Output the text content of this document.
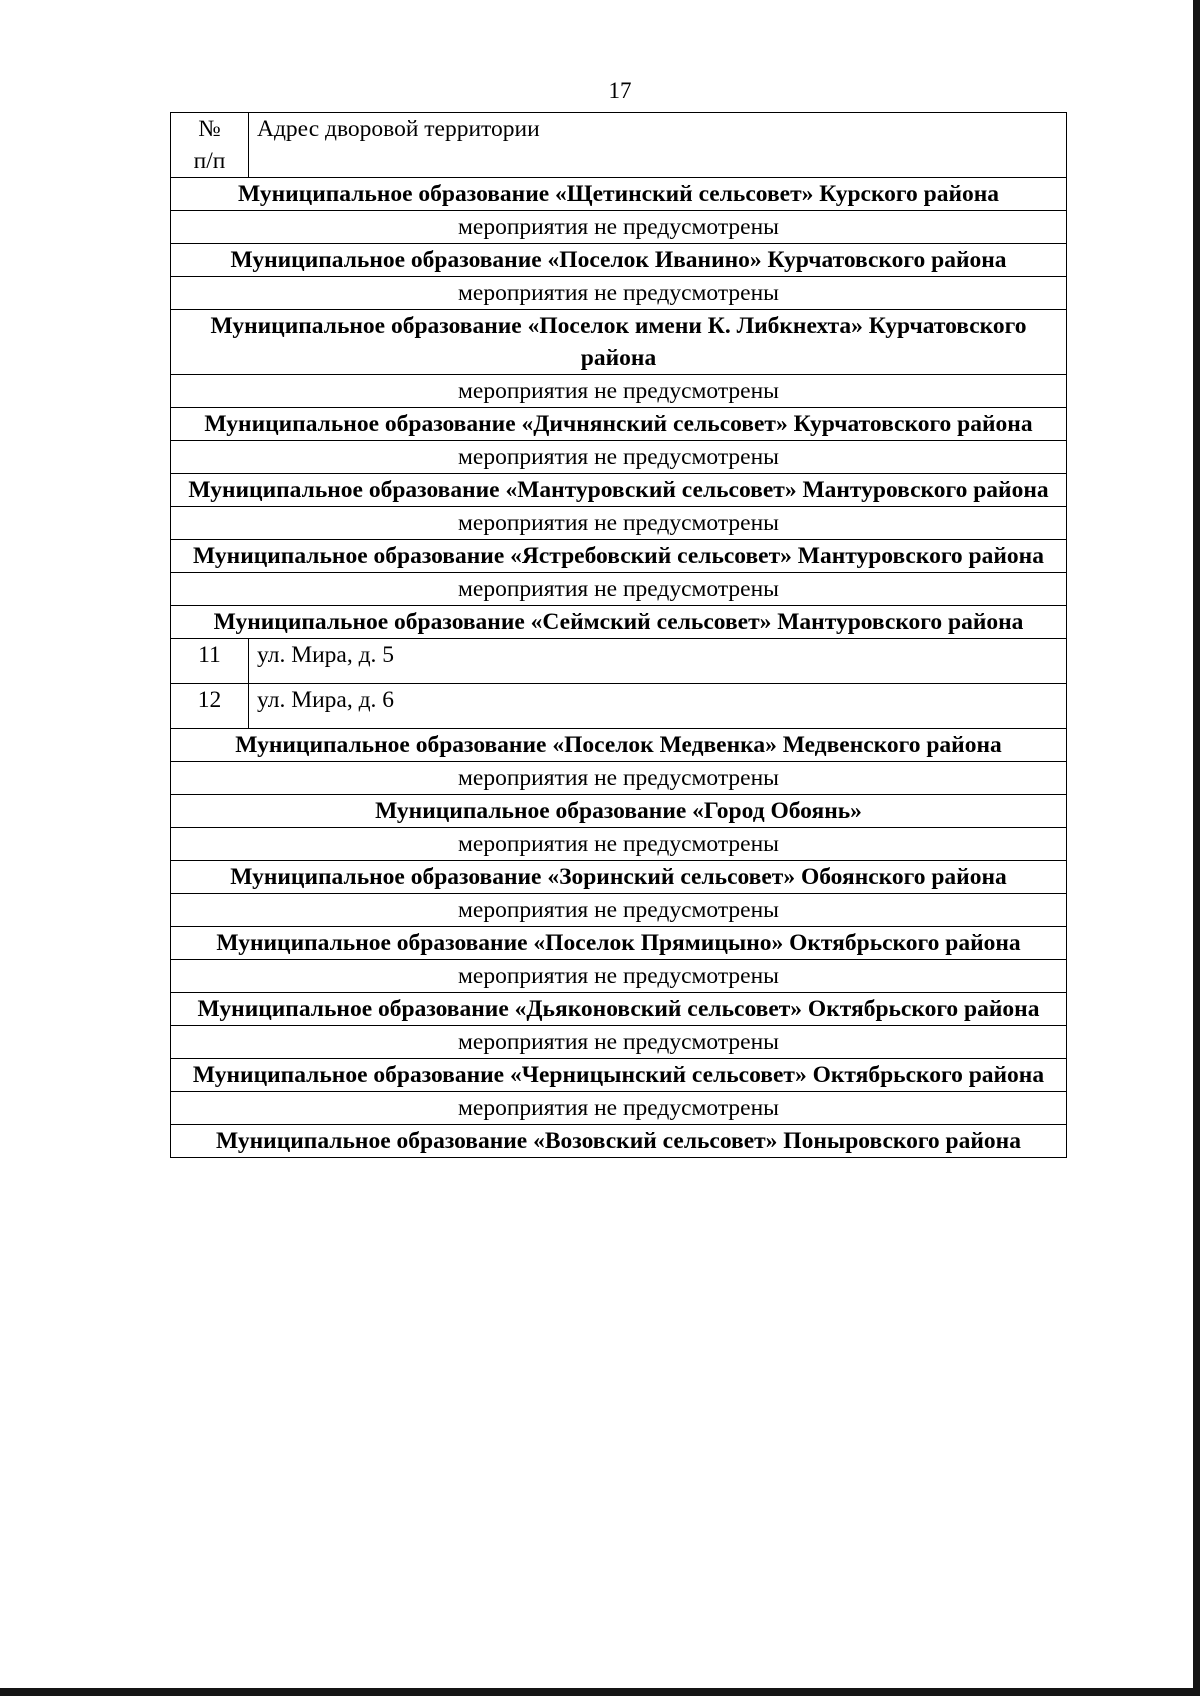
17
№
п/п	Адрес дворовой территории
Муниципальное образование «Щетинский сельсовет» Курского района	
мероприятия не предусмотрены	
Муниципальное образование «Поселок Иванино» Курчатовского района	
мероприятия не предусмотрены	
Муниципальное образование «Поселок имени К. Либкнехта» Курчатовского района	
мероприятия не предусмотрены	
Муниципальное образование «Дичнянский сельсовет» Курчатовского района	
мероприятия не предусмотрены	
Муниципальное образование «Мантуровский сельсовет» Мантуровского района	
мероприятия не предусмотрены	
Муниципальное образование «Ястребовский сельсовет» Мантуровского района	
мероприятия не предусмотрены	
Муниципальное образование «Сеймский сельсовет» Мантуровского района	
11	ул. Мира, д. 5
12	ул. Мира, д. 6
Муниципальное образование «Поселок Медвенка» Медвенского района	
мероприятия не предусмотрены	
Муниципальное образование «Город Обоянь»	
мероприятия не предусмотрены	
Муниципальное образование «Зоринский сельсовет» Обоянского района	
мероприятия не предусмотрены	
Муниципальное образование «Поселок Прямицыно» Октябрьского района	
мероприятия не предусмотрены	
Муниципальное образование «Дьяконовский сельсовет» Октябрьского района	
мероприятия не предусмотрены	
Муниципальное образование «Черницынский сельсовет» Октябрьского района	
мероприятия не предусмотрены	
Муниципальное образование «Возовский сельсовет» Поныровского района	
